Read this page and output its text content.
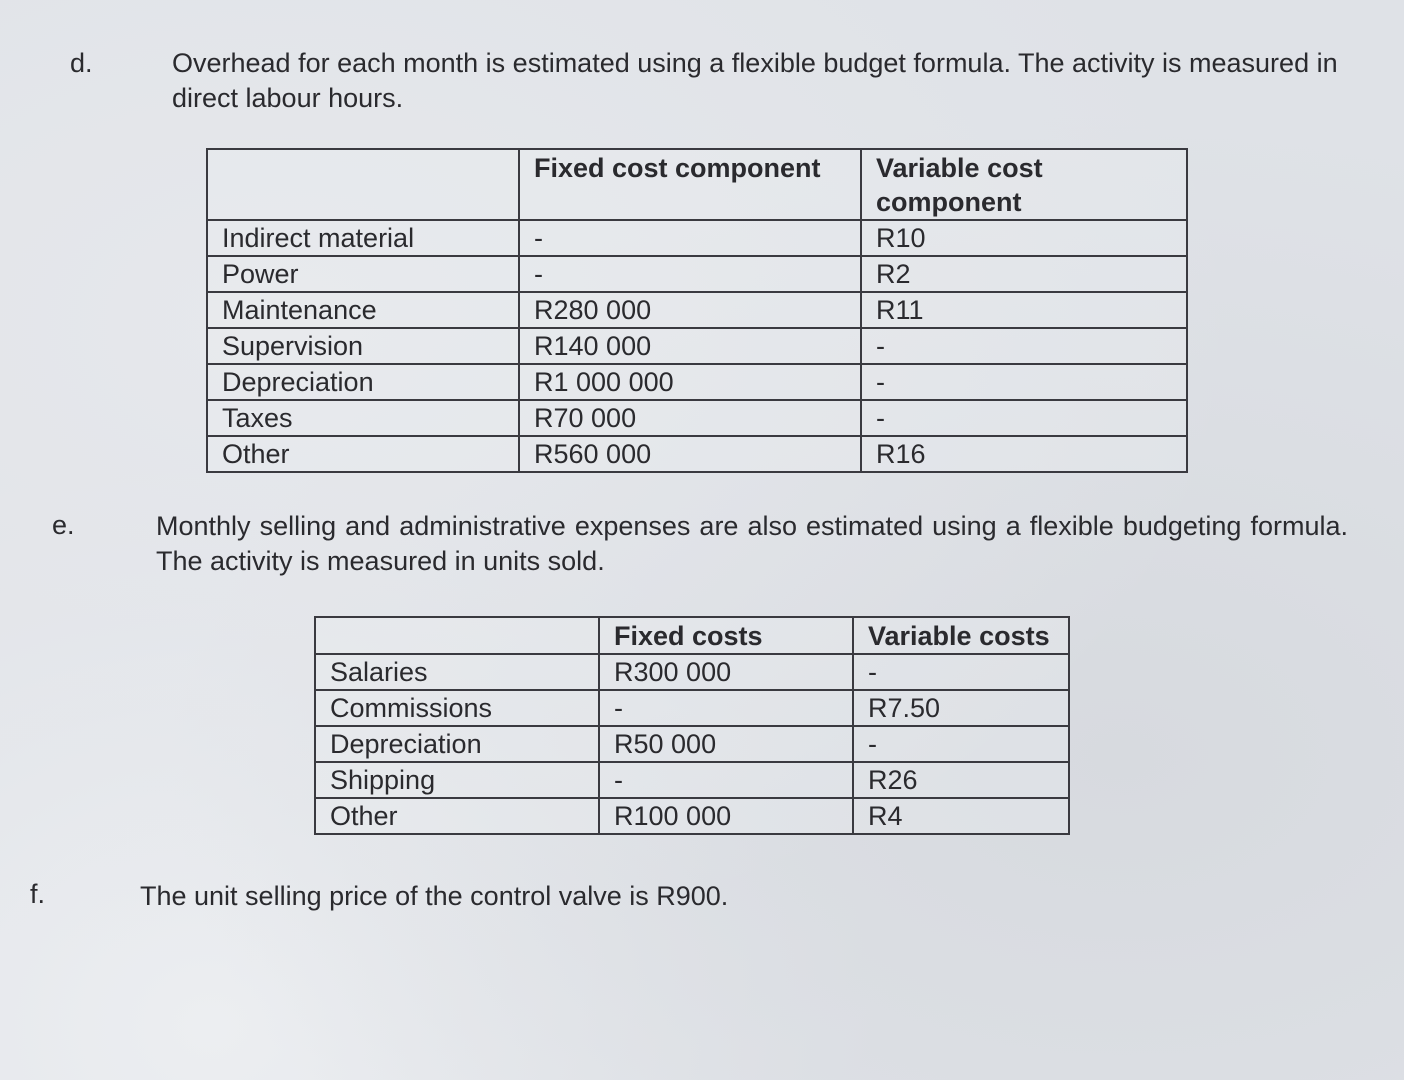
d.	Overhead for each month is estimated using a flexible budget formula. The activity is measured in direct labour hours.

	Fixed cost component	Variable cost component
Indirect material	-	R10
Power	-	R2
Maintenance	R280 000	R11
Supervision	R140 000	-
Depreciation	R1 000 000	-
Taxes	R70 000	-
Other	R560 000	R16
e.	Monthly selling and administrative expenses are also estimated using a flexible budgeting formula. The activity is measured in units sold.

	Fixed costs	Variable costs
Salaries	R300 000	-
Commissions	-	R7.50
Depreciation	R50 000	-
Shipping	-	R26
Other	R100 000	R4
f.	The unit selling price of the control valve is R900.
